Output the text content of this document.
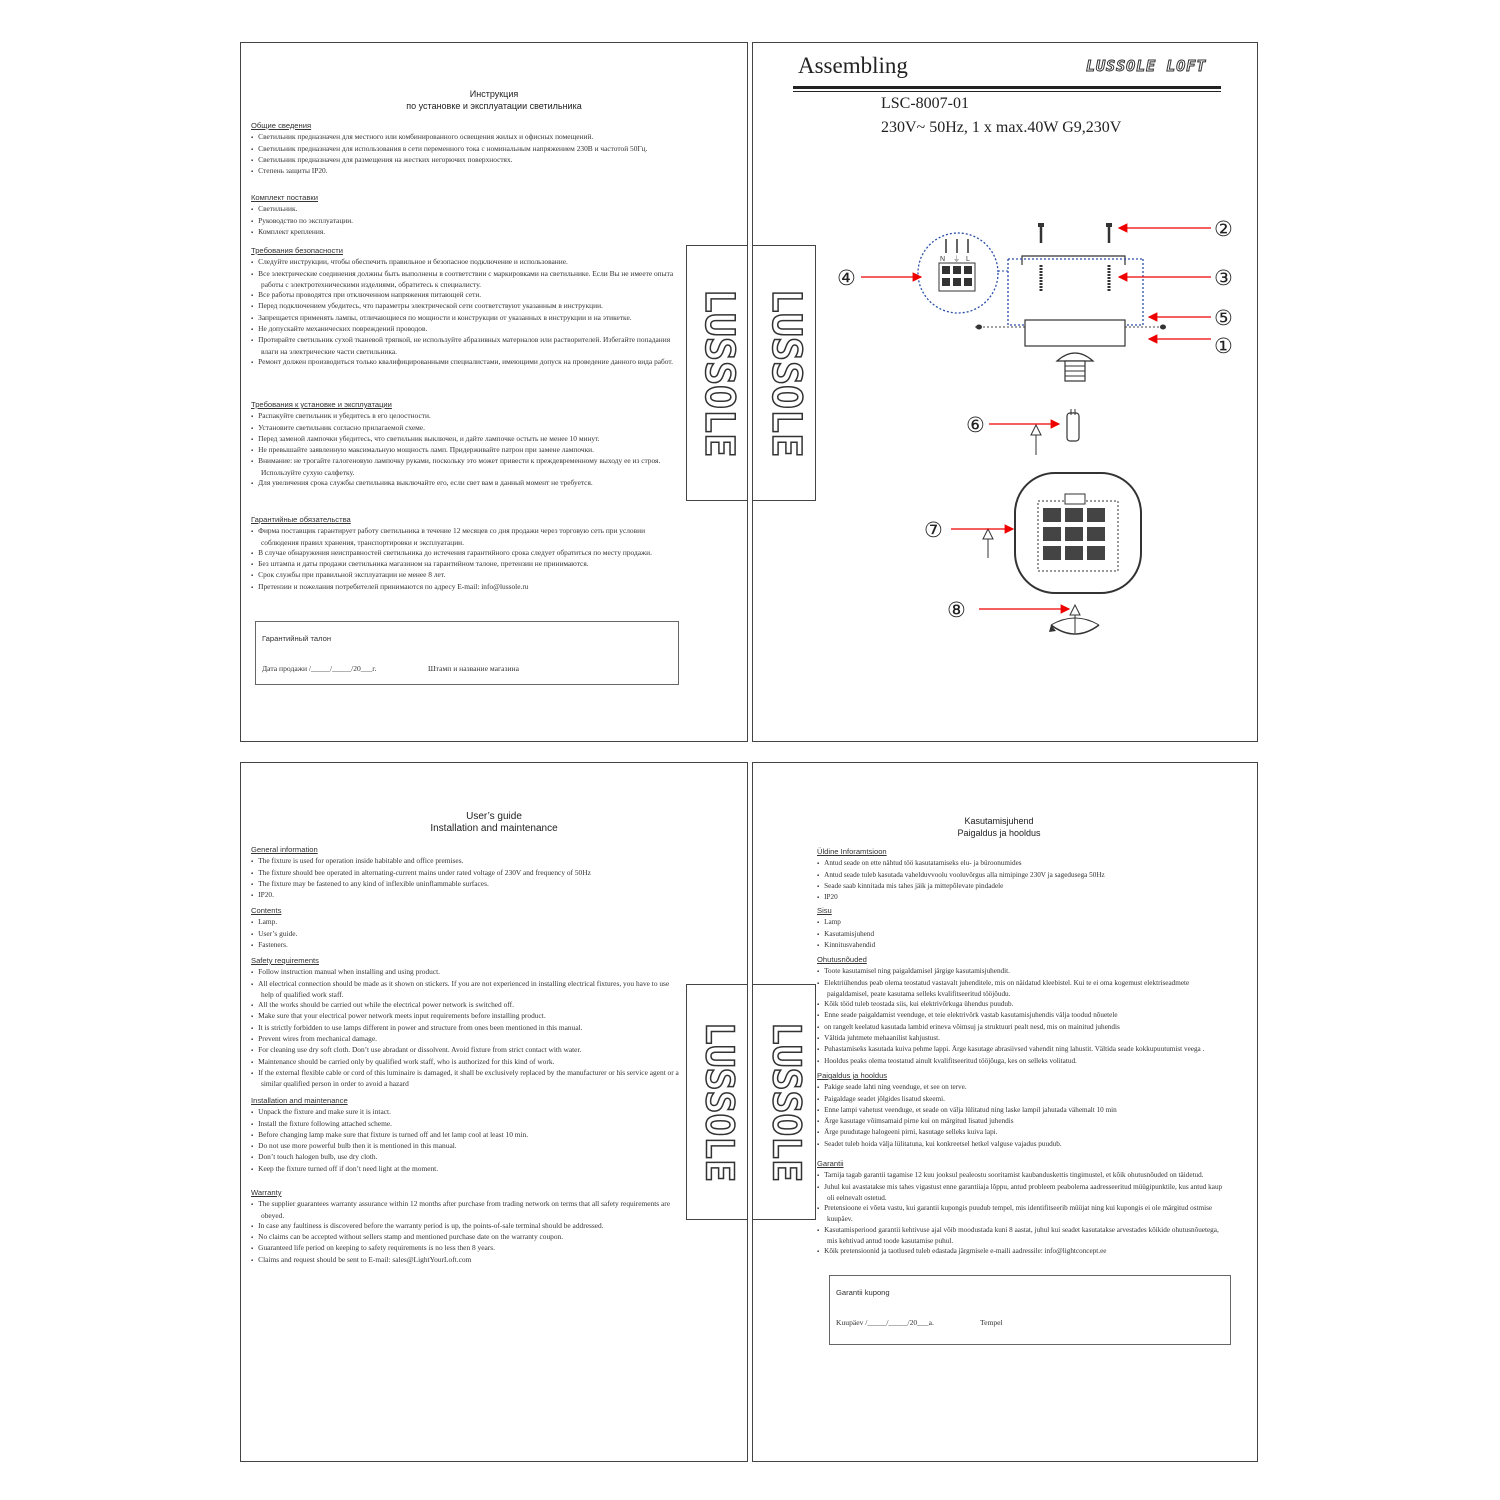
Инструкция
по установке и эксплуатации светильника
Общие сведения
▪ Светильник предназначен для местного или комбинированного освещения жилых и офисных помещений.
▪ Светильник предназначен для использования в сети переменного тока с номинальным напряжением 230В и частотой 50Гц.
▪ Светильник предназначен для размещения на жестких негорючих поверхностях.
▪ Степень защиты IP20.
Комплект поставки
▪ Светильник.
▪ Руководство по эксплуатации.
▪ Комплект крепления.
Требования безопасности
▪ Следуйте инструкции, чтобы обеспечить правильное и безопасное подключение и использование.
▪ Все электрические соединения должны быть выполнены в соответствии с маркировками на светильнике. Если Вы не имеете опыта работы с электротехническими изделиями, обратитесь к специалисту.
▪ Все работы проводятся при отключенном напряжения питающей сети.
▪ Перед подключением убедитесь, что параметры электрической сети соответствуют указанным в инструкции.
▪ Запрещается применять лампы, отличающиеся по мощности и конструкции от указанных в инструкции и на этикетке.
▪ Не допускайте механических повреждений проводов.
▪ Протирайте светильник сухой тканевой тряпкой, не используйте абразивных материалов или растворителей. Избегайте попадания влаги на электрические части светильника.
▪ Ремонт должен производиться только квалифицированными специалистами, имеющими допуск на проведение данного вида работ.
Требования к установке и эксплуатации
▪ Распакуйте светильник и убедитесь в его целостности.
▪ Установите светильник согласно прилагаемой схеме.
▪ Перед заменой лампочки убедитесь, что светильник выключен, и дайте лампочке остыть не менее 10 минут.
▪ Не превышайте заявленную максимальную мощность ламп. Придерживайте патрон при замене лампочки.
▪ Внимание: не трогайте галогеновую лампочку руками, поскольку это может привести к преждевременному выходу ее из строя. Используйте сухую салфетку.
▪ Для увеличения срока службы светильника выключайте его, если свет вам в данный момент не требуется.
Гарантийные обязательства
▪ Фирма поставщик гарантирует работу светильника в течение 12 месяцев со дня продажи через торговую сеть при условии соблюдения правил хранения, транспортировки и эксплуатации.
▪ В случае обнаружения неисправностей светильника до истечения гарантийного срока следует обратиться по месту продажи.
▪ Без штампа и даты продажи светильника магазином на гарантийном талоне, претензии не принимаются.
▪ Срок службы при правильной эксплуатации не менее 8 лет.
▪ Претензии и пожелания потребителей принимаются по адресу E-mail: info@lussole.ru
Гарантийный талон
Дата продажи /_____/_____/20___г.	Штамп и название магазина
Assembling	LUSSOLE LOFT
LSC-8007-01
230V~ 50Hz, 1 x max.40W G9,230V
N ⏚ L
②
③
④
⑤
①
⑥
⑦
⑧
User’s guide
Installation and maintenance
General information
▪ The fixture is used for operation inside habitable and office premises.
▪ The fixture should bee operated in alternating-current mains under rated voltage of 230V and frequency of 50Hz
▪ The fixture may be fastened to any kind of inflexible uninflammable surfaces.
▪ IP20.
Contents
▪ Lamp.
▪ User’s guide.
▪ Fasteners.
Safety requirements
▪ Follow instruction manual when installing and using product.
▪ All electrical connection should be made as it shown on stickers. If you are not experienced in installing electrical fixtures, you have to use help of qualified work staff.
▪ All the works should be carried out while the electrical power network is switched off.
▪ Make sure that your electrical power network meets input requirements before installing product.
▪ It is strictly forbidden to use lamps different in power and structure from ones been mentioned in this manual.
▪ Prevent wires from mechanical damage.
▪ For cleaning use dry soft cloth. Don’t use abradant or dissolvent. Avoid fixture from strict contact with water.
▪ Maintenance should be carried only by qualified work staff, who is authorized for this kind of work.
▪ If the external flexible cable or cord of this luminaire is damaged, it shall be exclusively replaced by the manufacturer or his service agent or a similar qualified person in order to avoid a hazard
Installation and maintenance
▪ Unpack the fixture and make sure it is intact.
▪ Install the fixture following attached scheme.
▪ Before changing lamp make sure that fixture is turned off and let lamp cool at least 10 min.
▪ Do not use more powerful bulb then it is mentioned in this manual.
▪ Don’t touch halogen bulb, use dry cloth.
▪ Keep the fixture turned off if don’t need light at the moment.
Warranty
▪ The supplier guarantees warranty assurance within 12 months after purchase from trading network on terms that all safety requirements are obeyed.
▪ In case any faultiness is discovered before the warranty period is up, the points-of-sale terminal should be addressed.
▪ No claims can be accepted without sellers stamp and mentioned purchase date on the warranty coupon.
▪ Guaranteed life period on keeping to safety requirements is no less then 8 years.
▪ Claims and request should be sent to E-mail: sales@LightYourLoft.com
Kasutamisjuhend
Paigaldus ja hooldus
Üldine Inforamtsioon
▪ Antud seade on ette nähtud töö kasutatamiseks elu- ja büroonumides
▪ Antud seade tuleb kasutada vahelduvvoolu vooluvõrgus alla nimipinge 230V ja sagedusega 50Hz
▪ Seade saab kinnitada mis tahes jäik ja mittepõlevate pindadele
▪ IP20
Sisu
▪ Lamp
▪ Kasutamisjuhend
▪ Kinnitusvahendid
Ohutusnõuded
▪ Toote kasutamisel ning paigaldamisel järgige kasutamisjuhendit.
▪ Elektriühendus peab olema teostatud vastavalt juhenditele, mis on näidatud kleebistel. Kui te ei oma kogemust elektriseadmete paigaldamisel, peate kasutama selleks kvalifitseeritud tööjõudu.
▪ Kõik tööd tuleb teostada siis, kui elektrivõrkuga ühendus puudub.
▪ Enne seade paigaldamist veenduge, et teie elektrivõrk vastab kasutamisjuhendis välja toodud nõuetele
▪ on rangelt keelatud kasutada lambid erineva võimsuj ja struktuuri pealt nesd, mis on mainitud juhendis
▪ Vältida juhtmete mehaanilist kahjustust.
▪ Puhastamiseks kasutada kuiva pehme lappi. Ärge kasutage abrasiivsed vahendit ning lahustit. Vältida seade kokkupuutumist veega .
▪ Hooldus peaks olema teostatud ainult kvalifitseeritud tööjõuga, kes on selleks volitatud.
Paigaldus ja hooldus
▪ Pakige seade lahti ning veenduge, et see on terve.
▪ Paigaldage seadet jõlgides lisatud skeemi.
▪ Enne lampi vahetust veenduge, et seade on välja lülitatud ning laske lampil jahutada vähemalt 10 min
▪ Ärge kasutage võimsamaid pirne kui on märgitud lisatud juhendis
▪ Ärge puudutage halogeeni pirni, kasutage selleks kuiva lapi.
▪ Seadet tuleb hoida välja lülitatuna, kui konkreetsel hetkel valguse vajadus puudub.
Garantii
▪ Tarnija tagab garantii tagamise 12 kuu jooksul pealeostu sooritamist kaubanduskettis tingimustel, et kõik ohutusnõuded on täidetud.
▪ Juhul kui avastatakse mis tahes vigastust enne garantiiaja lõppu, antud probleem peabolema aadresseeritud müügipunktile, kus antud kaup oli eelnevalt ostetud.
▪ Pretensioone ei võeta vastu, kui garantii kupongis puudub tempel, mis identifitseerib müüjat ning kui kupongis ei ole märgitud ostmise kuupäev.
▪ Kasutamisperiood garantii kehtivuse ajal võib moodustada kuni 8 aastat, juhul kui seadet kasutatakse arvestades kõikide ohutusnõuetega, mis kehtivad antud toode kasutamise puhul.
▪ Kõik pretensioonid ja taotlused tuleb edastada järgmisele e-maili aadressile: info@lightconcept.ee
Garantii kupong
Kuupäev /_____/_____/20___a.	Tempel
LUSSOLE LUSSOLE
LUSSOLE LUSSOLE
